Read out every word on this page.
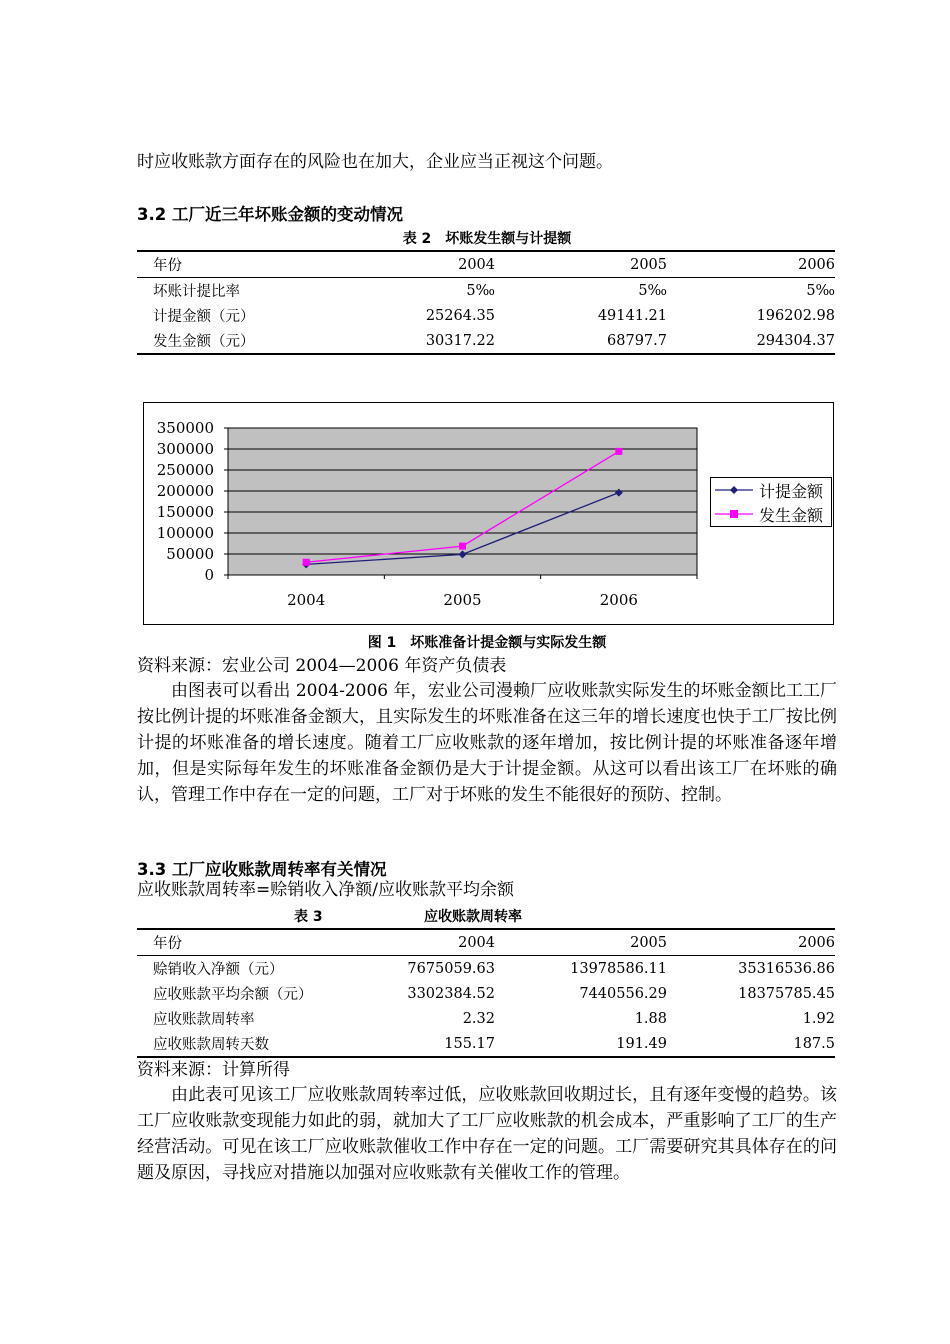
时应收账款方面存在的风险也在加大，企业应当正视这个问题。
3.2 工厂近三年坏账金额的变动情况
表 2　坏账发生额与计提额
年份	2004	2005	2006
坏账计提比率	5‰	5‰	5‰
计提金额（元）	25264.35	49141.21	196202.98
发生金额（元）	30317.22	68797.7	294304.37
0
50000
100000
150000
200000
250000
300000
350000
2004	2005	2006
计提金额
发生金额
图 1　坏账准备计提金额与实际发生额
资料来源：宏业公司 2004—2006 年资产负债表
由图表可以看出 2004-2006 年，宏业公司漫赖厂应收账款实际发生的坏账金额比工工厂按比例计提的坏账准备金额大，且实际发生的坏账准备在这三年的增长速度也快于工厂按比例计提的坏账准备的增长速度。随着工厂应收账款的逐年增加，按比例计提的坏账准备逐年增加，但是实际每年发生的坏账准备金额仍是大于计提金额。从这可以看出该工厂在坏账的确认，管理工作中存在一定的问题，工厂对于坏账的发生不能很好的预防、控制。
3.3 工厂应收账款周转率有关情况
应收账款周转率=赊销收入净额/应收账款平均余额
表 3	应收账款周转率
年份	2004	2005	2006
赊销收入净额（元）	7675059.63	13978586.11	35316536.86
应收账款平均余额（元）	3302384.52	7440556.29	18375785.45
应收账款周转率	2.32	1.88	1.92
应收账款周转天数	155.17	191.49	187.5
资料来源：计算所得
由此表可见该工厂应收账款周转率过低，应收账款回收期过长，且有逐年变慢的趋势。该工厂应收账款变现能力如此的弱，就加大了工厂应收账款的机会成本，严重影响了工厂的生产经营活动。可见在该工厂应收账款催收工作中存在一定的问题。工厂需要研究其具体存在的问题及原因，寻找应对措施以加强对应收账款有关催收工作的管理。
